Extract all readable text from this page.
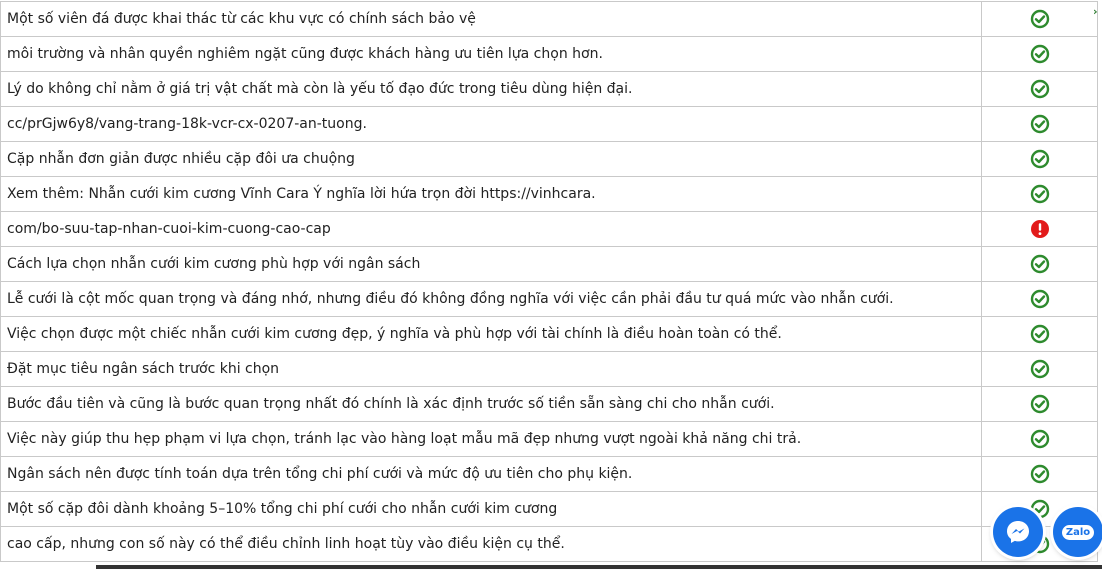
Một số viên đá được khai thác từ các khu vực có chính sách bảo vệ	
môi trường và nhân quyền nghiêm ngặt cũng được khách hàng ưu tiên lựa chọn hơn.	
Lý do không chỉ nằm ở giá trị vật chất mà còn là yếu tố đạo đức trong tiêu dùng hiện đại.	
cc/prGjw6y8/vang-trang-18k-vcr-cx-0207-an-tuong.	
Cặp nhẫn đơn giản được nhiều cặp đôi ưa chuộng	
Xem thêm: Nhẫn cưới kim cương Vĩnh Cara Ý nghĩa lời hứa trọn đời https://vinhcara.	
com/bo-suu-tap-nhan-cuoi-kim-cuong-cao-cap	
Cách lựa chọn nhẫn cưới kim cương phù hợp với ngân sách	
Lễ cưới là cột mốc quan trọng và đáng nhớ, nhưng điều đó không đồng nghĩa với việc cần phải đầu tư quá mức vào nhẫn cưới.	
Việc chọn được một chiếc nhẫn cưới kim cương đẹp, ý nghĩa và phù hợp với tài chính là điều hoàn toàn có thể.	
Đặt mục tiêu ngân sách trước khi chọn	
Bước đầu tiên và cũng là bước quan trọng nhất đó chính là xác định trước số tiền sẵn sàng chi cho nhẫn cưới.	
Việc này giúp thu hẹp phạm vi lựa chọn, tránh lạc vào hàng loạt mẫu mã đẹp nhưng vượt ngoài khả năng chi trả.	
Ngân sách nên được tính toán dựa trên tổng chi phí cưới và mức độ ưu tiên cho phụ kiện.	
Một số cặp đôi dành khoảng 5–10% tổng chi phí cưới cho nhẫn cưới kim cương	
cao cấp, nhưng con số này có thể điều chỉnh linh hoạt tùy vào điều kiện cụ thể.	
›
Zalo
